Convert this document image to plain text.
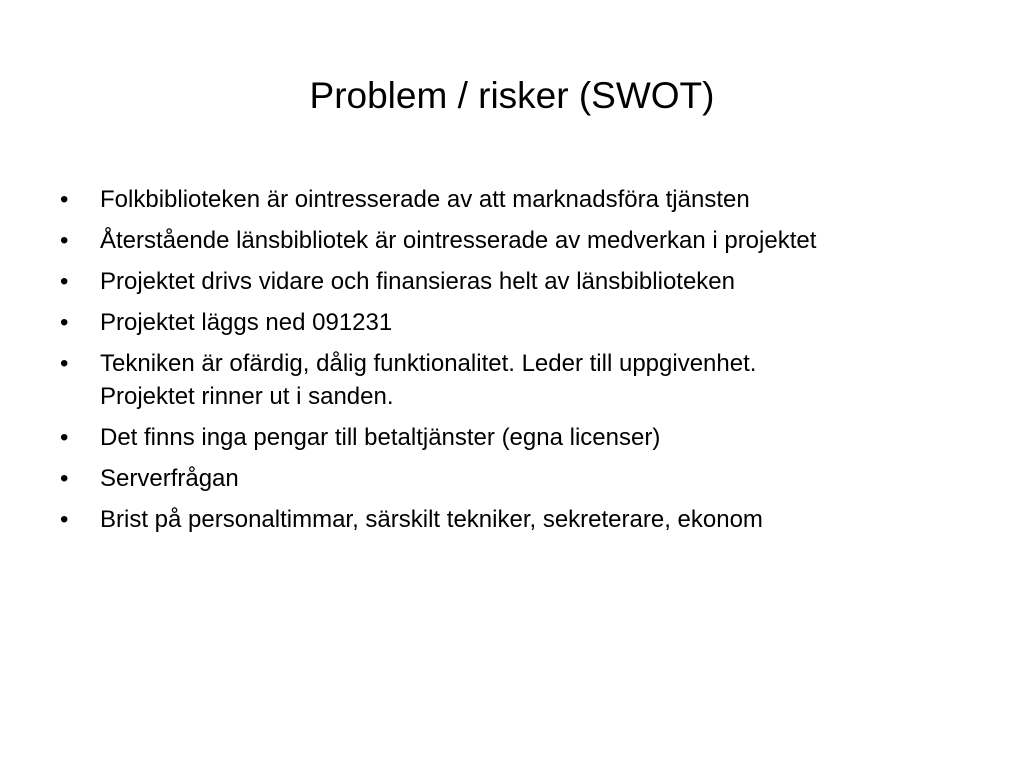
Problem / risker (SWOT)
•	Folkbiblioteken är ointresserade av att marknadsföra tjänsten
•	Återstående länsbibliotek är ointresserade av medverkan i projektet
•	Projektet drivs vidare och finansieras helt av länsbiblioteken
•	Projektet läggs ned 091231
•	Tekniken är ofärdig, dålig funktionalitet. Leder till uppgivenhet.
Projektet rinner ut i sanden.
•	Det finns inga pengar till betaltjänster (egna licenser)
•	Serverfrågan
•	Brist på personaltimmar, särskilt tekniker, sekreterare, ekonom
